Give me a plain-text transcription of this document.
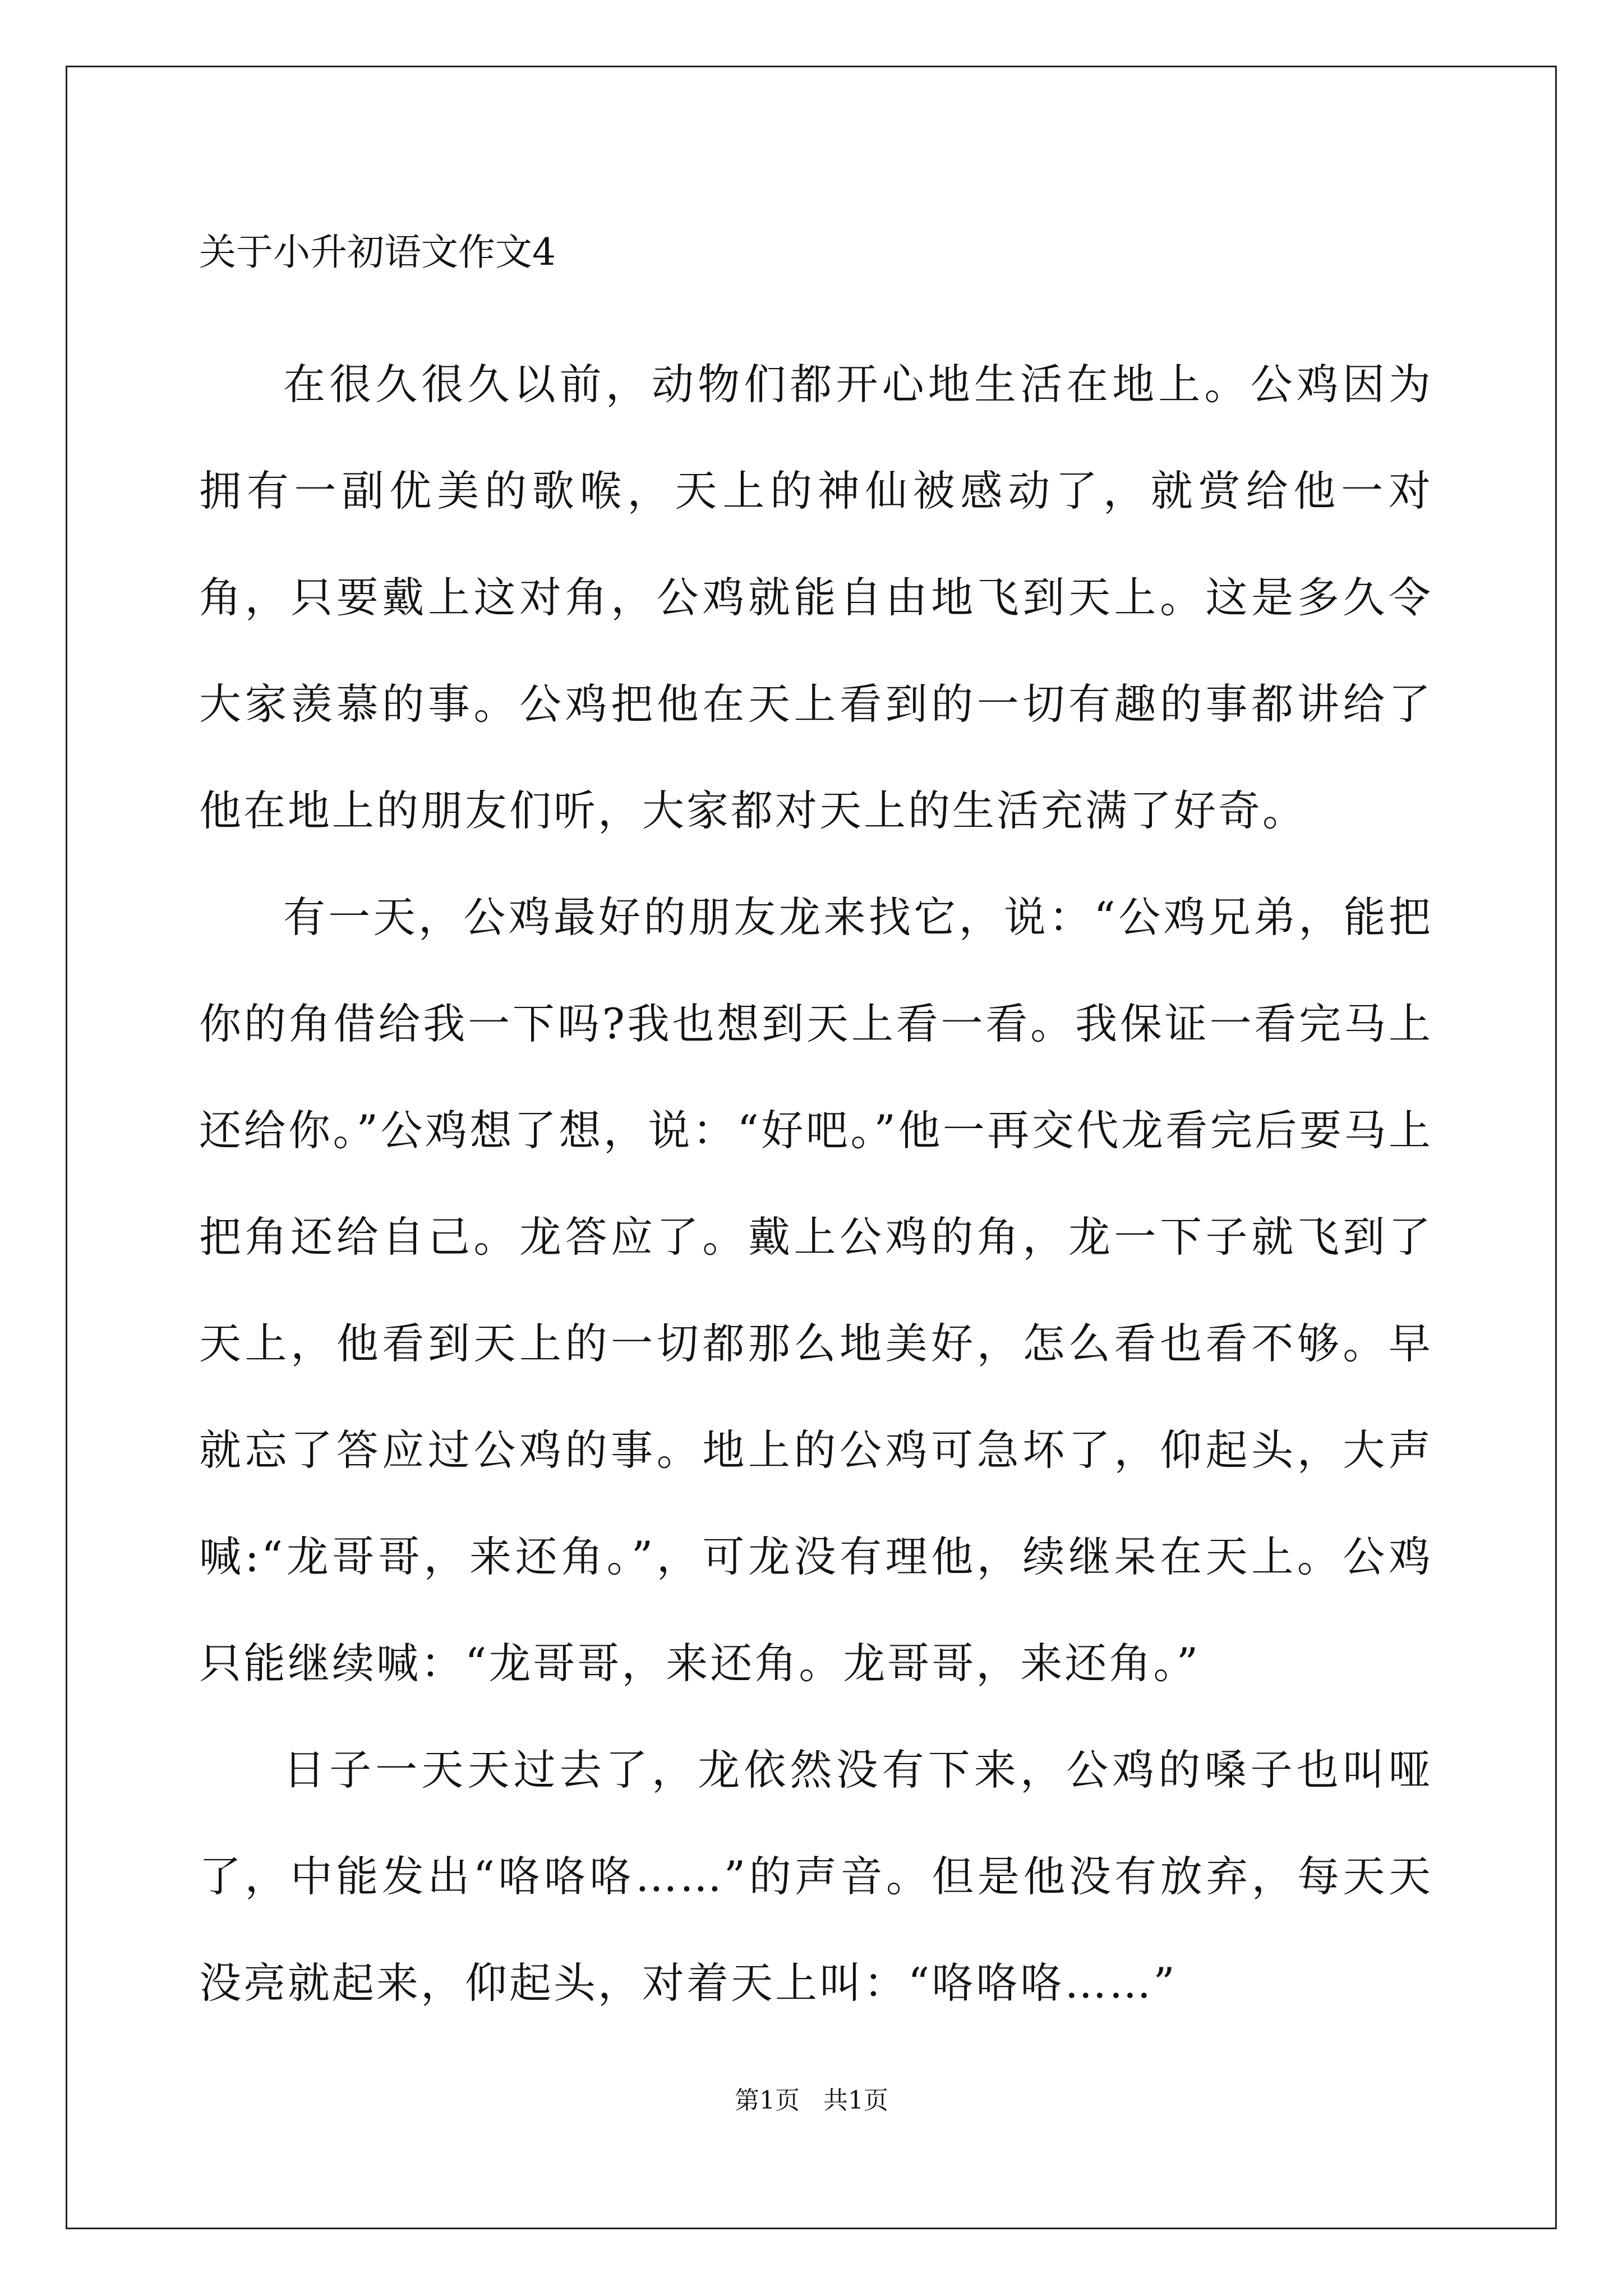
关于小升初语文作文4

在很久很久以前，动物们都开心地生活在地上。公鸡因为拥有一副优美的歌喉，天上的神仙被感动了，就赏给他一对角，只要戴上这对角，公鸡就能自由地飞到天上。这是多久令大家羡慕的事。公鸡把他在天上看到的一切有趣的事都讲给了他在地上的朋友们听，大家都对天上的生活充满了好奇。

有一天，公鸡最好的朋友龙来找它，说：“公鸡兄弟，能把你的角借给我一下吗?我也想到天上看一看。我保证一看完马上还给你。”公鸡想了想，说：“好吧。”他一再交代龙看完后要马上把角还给自己。龙答应了。戴上公鸡的角，龙一下子就飞到了天上，他看到天上的一切都那么地美好，怎么看也看不够。早就忘了答应过公鸡的事。地上的公鸡可急坏了，仰起头，大声喊:“龙哥哥，来还角。”，可龙没有理他，续继呆在天上。公鸡只能继续喊：“龙哥哥，来还角。龙哥哥，来还角。”

日子一天天过去了，龙依然没有下来，公鸡的嗓子也叫哑了，中能发出“咯咯咯……”的声音。但是他没有放弃，每天天没亮就起来，仰起头，对着天上叫：“咯咯咯……”

第1页   共1页
